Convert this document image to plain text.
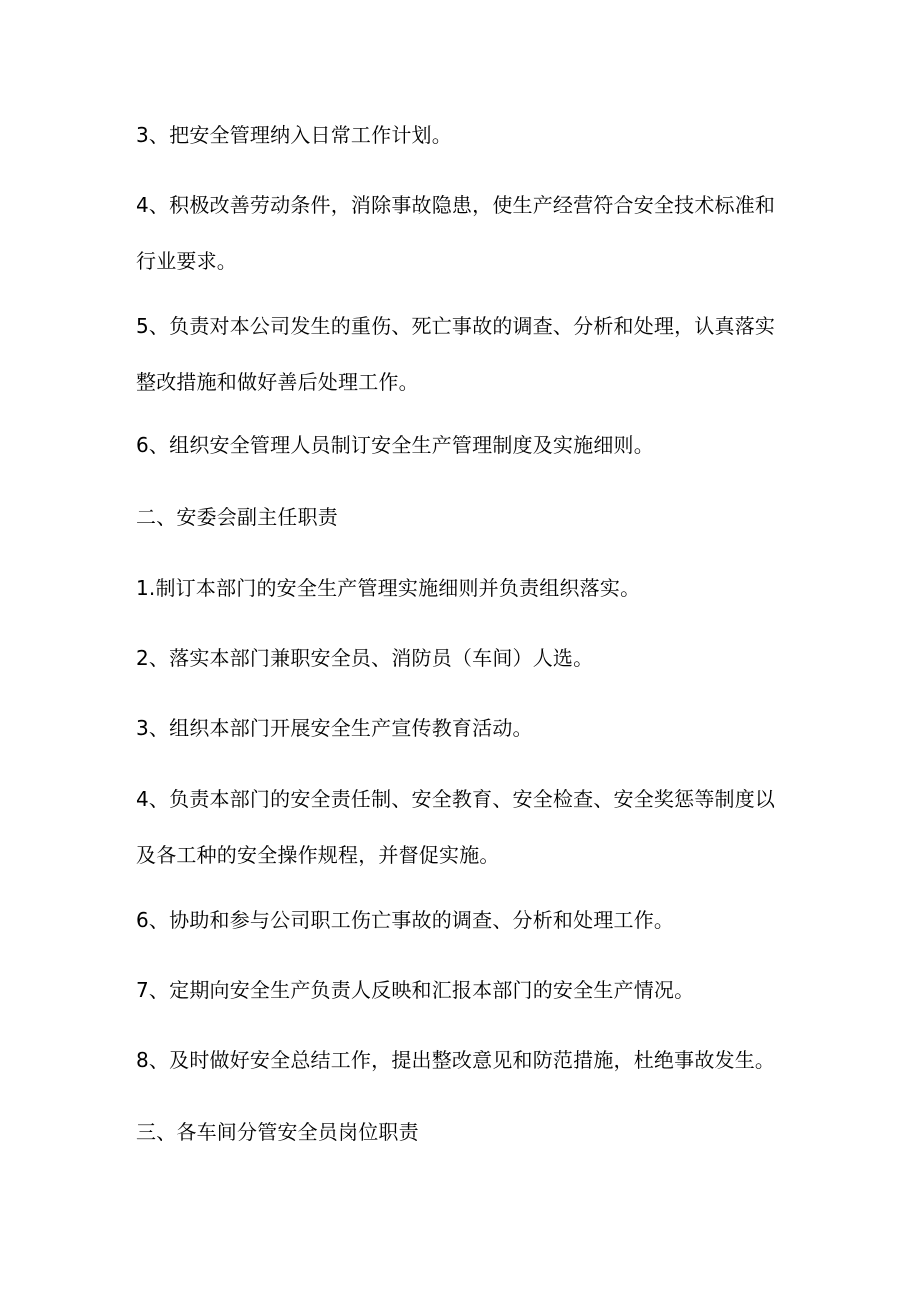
3、把安全管理纳入日常工作计划。
4、积极改善劳动条件，消除事故隐患，使生产经营符合安全技术标准和行业要求。
5、负责对本公司发生的重伤、死亡事故的调查、分析和处理，认真落实整改措施和做好善后处理工作。
6、组织安全管理人员制订安全生产管理制度及实施细则。
二、安委会副主任职责
1.制订本部门的安全生产管理实施细则并负责组织落实。
2、落实本部门兼职安全员、消防员（车间）人选。
3、组织本部门开展安全生产宣传教育活动。
4、负责本部门的安全责任制、安全教育、安全检查、安全奖惩等制度以及各工种的安全操作规程，并督促实施。
6、协助和参与公司职工伤亡事故的调查、分析和处理工作。
7、定期向安全生产负责人反映和汇报本部门的安全生产情况。
8、及时做好安全总结工作，提出整改意见和防范措施，杜绝事故发生。
三、各车间分管安全员岗位职责
